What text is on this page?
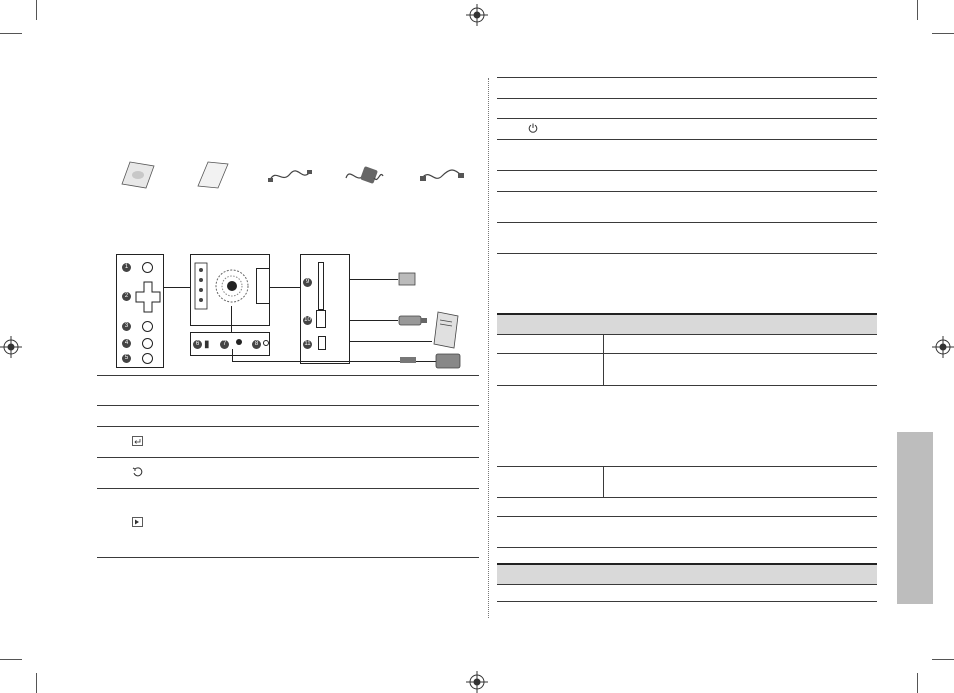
1
2
3
4
5
6 ▮	7	8
9
10
11
